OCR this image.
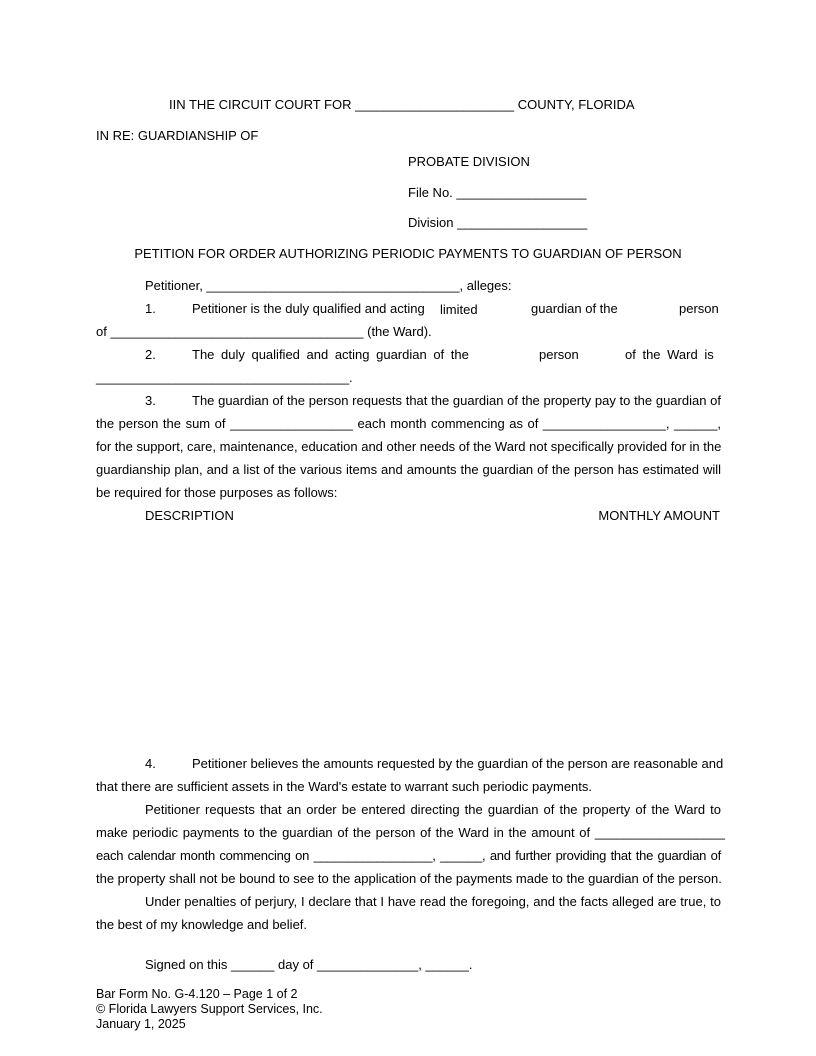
IIN THE CIRCUIT COURT FOR ______________________ COUNTY, FLORIDA
IN RE: GUARDIANSHIP OF
PROBATE DIVISION
File No. __________________
Division __________________
PETITION FOR ORDER AUTHORIZING PERIODIC PAYMENTS TO GUARDIAN OF PERSON
Petitioner, ___________________________________, alleges:
1.	Petitioner is the duly qualified and acting limited	guardian of the	person
of ___________________________________ (the Ward).
2.	The duly qualified and acting guardian of the	person	of the Ward is
___________________________________.
3.	The guardian of the person requests that the guardian of the property pay to the guardian of
the person the sum of _________________ each month commencing as of _________________, ______,
for the support, care, maintenance, education and other needs of the Ward not specifically provided for in the
guardianship plan, and a list of the various items and amounts the guardian of the person has estimated will
be required for those purposes as follows:
DESCRIPTION	MONTHLY AMOUNT
4.	Petitioner believes the amounts requested by the guardian of the person are reasonable and
that there are sufficient assets in the Ward's estate to warrant such periodic payments.
Petitioner requests that an order be entered directing the guardian of the property of the Ward to
make periodic payments to the guardian of the person of the Ward in the amount of __________________
each calendar month commencing on _________________, ______, and further providing that the guardian of
the property shall not be bound to see to the application of the payments made to the guardian of the person.
Under penalties of perjury, I declare that I have read the foregoing, and the facts alleged are true, to
the best of my knowledge and belief.
Signed on this ______ day of ______________, ______.
Bar Form No. G-4.120 – Page 1 of 2
© Florida Lawyers Support Services, Inc.
January 1, 2025
